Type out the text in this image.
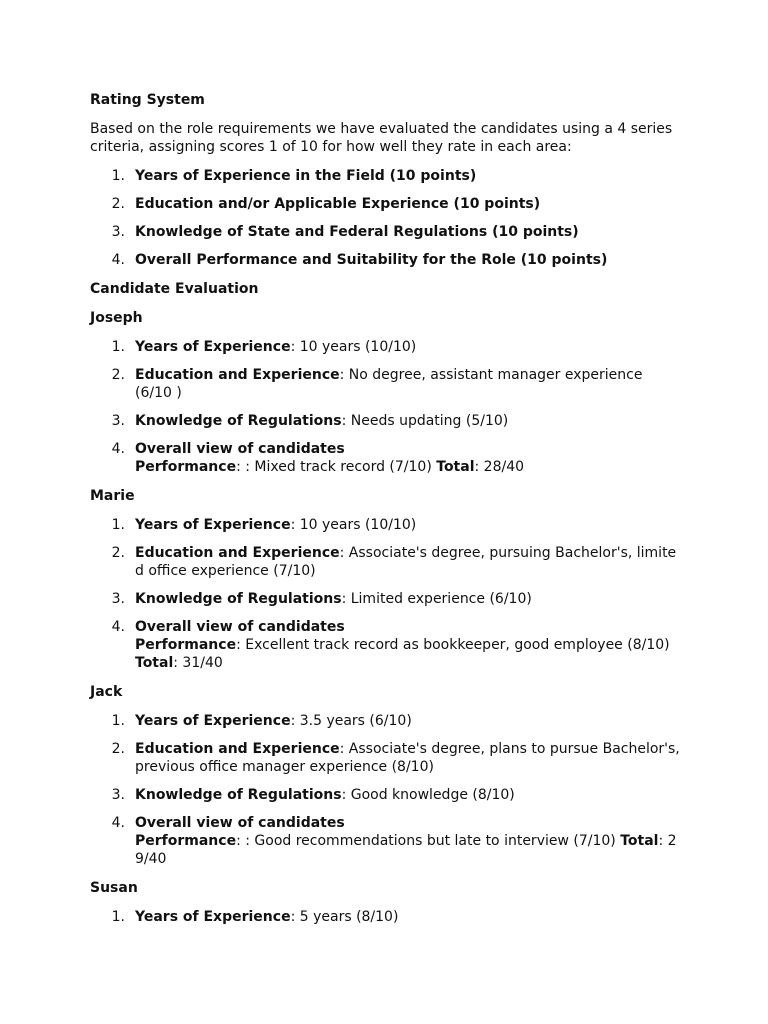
Rating System
Based on the role requirements we have evaluated the candidates using a 4 series criteria, assigning scores 1 of 10 for how well they rate in each area:
1. Years of Experience in the Field (10 points)
2. Education and/or Applicable Experience (10 points)
3. Knowledge of State and Federal Regulations (10 points)
4. Overall Performance and Suitability for the Role (10 points)
Candidate Evaluation
Joseph
1. Years of Experience: 10 years (10/10)
2. Education and Experience: No degree, assistant manager experience (6/10 )
3. Knowledge of Regulations: Needs updating (5/10)
4. Overall view of candidates
Performance: : Mixed track record (7/10) Total: 28/40
Marie
1. Years of Experience: 10 years (10/10)
2. Education and Experience: Associate's degree, pursuing Bachelor's, limite d office experience (7/10)
3. Knowledge of Regulations: Limited experience (6/10)
4. Overall view of candidates
Performance: Excellent track record as bookkeeper, good employee (8/10)
Total: 31/40
Jack
1. Years of Experience: 3.5 years (6/10)
2. Education and Experience: Associate's degree, plans to pursue Bachelor's, previous office manager experience (8/10)
3. Knowledge of Regulations: Good knowledge (8/10)
4. Overall view of candidates
Performance: : Good recommendations but late to interview (7/10) Total: 2 9/40
Susan
1. Years of Experience: 5 years (8/10)
